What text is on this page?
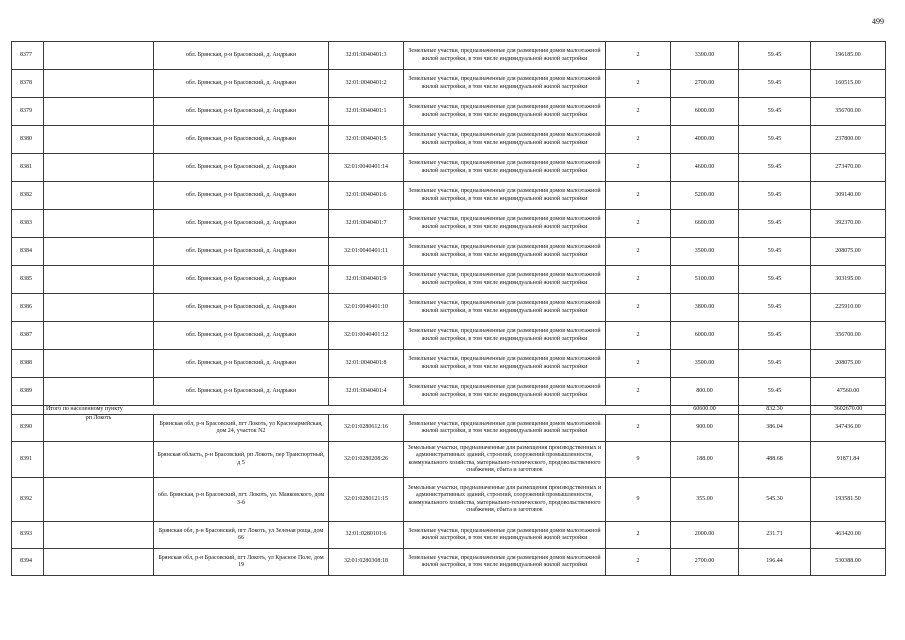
499
8377		обл. Брянская, р-н Брасовский, д. Андрыкн	32:01:0040401:3	Земельные участки, предназначенные для размещения домов малоэтажной жилой застройки, в том числе индивидуальной жилой застройки	2	3300.00	59.45	196185.00
8378		обл. Брянская, р-н Брасовский, д. Андрыкн	32:01:0040401:2	Земельные участки, предназначенные для размещения домов малоэтажной жилой застройки, в том числе индивидуальной жилой застройки	2	2700.00	59.45	160515.00
8379		обл. Брянская, р-н Брасовский, д. Андрыкн	32:01:0040401:1	Земельные участки, предназначенные для размещения домов малоэтажной жилой застройки, в том числе индивидуальной жилой застройки	2	6000.00	59.45	356700.00
8380		обл. Брянская, р-н Брасовский, д. Андрыкн	32:01:0040401:5	Земельные участки, предназначенные для размещения домов малоэтажной жилой застройки, в том числе индивидуальной жилой застройки	2	4000.00	59.45	237800.00
8381		обл. Брянская, р-н Брасовский, д. Андрыкн	32:01:0040401:14	Земельные участки, предназначенные для размещения домов малоэтажной жилой застройки, в том числе индивидуальной жилой застройки	2	4600.00	59.45	273470.00
8382		обл. Брянская, р-н Брасовский, д. Андрыкн	32:01:0040401:6	Земельные участки, предназначенные для размещения домов малоэтажной жилой застройки, в том числе индивидуальной жилой застройки	2	5200.00	59.45	309140.00
8383		обл. Брянская, р-н Брасовский, д. Андрыкн	32:01:0040401:7	Земельные участки, предназначенные для размещения домов малоэтажной жилой застройки, в том числе индивидуальной жилой застройки	2	6600.00	59.45	392370.00
8384		обл. Брянская, р-н Брасовский, д. Андрыкн	32:01:0040401:11	Земельные участки, предназначенные для размещения домов малоэтажной жилой застройки, в том числе индивидуальной жилой застройки	2	3500.00	59.45	208075.00
8385		обл. Брянская, р-н Брасовский, д. Андрыкн	32:01:0040401:9	Земельные участки, предназначенные для размещения домов малоэтажной жилой застройки, в том числе индивидуальной жилой застройки	2	5100.00	59.45	303195.00
8386		обл. Брянская, р-н Брасовский, д. Андрыкн	32:01:0040401:10	Земельные участки, предназначенные для размещения домов малоэтажной жилой застройки, в том числе индивидуальной жилой застройки	2	3800.00	59.45	225910.00
8387		обл. Брянская, р-н Брасовский, д. Андрыкн	32:01:0040401:12	Земельные участки, предназначенные для размещения домов малоэтажной жилой застройки, в том числе индивидуальной жилой застройки	2	6000.00	59.45	356700.00
8388		обл. Брянская, р-н Брасовский, д. Андрыкн	32:01:0040401:8	Земельные участки, предназначенные для размещения домов малоэтажной жилой застройки, в том числе индивидуальной жилой застройки	2	3500.00	59.45	208075.00
8389		обл. Брянская, р-н Брасовский, д. Андрыкн	32:01:0040401:4	Земельные участки, предназначенные для размещения домов малоэтажной жилой застройки, в том числе индивидуальной жилой застройки	2	800.00	59.45	47560.00
	Итого по населенному пункту					60600.00	832.30	3602670.00
8390	рп Локоть	Брянская обл, р-н Брасовский, пгт Локоть, ул Красноармейская, дом 24, участок N2	32:01:0280612:16	Земельные участки, предназначенные для размещения домов малоэтажной жилой застройки, в том числе индивидуальной жилой застройки	2	900.00	386.04	347436.00
8391		Брянская область, р-н Брасовский, рп Локоть, пер Транспортный, д 5	32:01:0280208:26	Земельные участки, предназначенные для размещения производственных и административных зданий, строений, сооружений промышленности, коммунального хозяйства, материально-технического, продовольственного снабжения, сбыта и заготовок	9	188.00	488.68	91871.84
8392		обл. Брянская, р-н Брасовский, пгт. Локоть, ул. Маяковского, дом 3-б	32:01:0280121:15	Земельные участки, предназначенные для размещения производственных и административных зданий, строений, сооружений промышленности, коммунального хозяйства, материально-технического, продовольственного снабжения, сбыта и заготовок	9	355.00	545.30	193581.50
8393		Брянская обл, р-н Брасовский, пгт Локоть, ул Зеленая роща, дом 66	32:01:0280101:6	Земельные участки, предназначенные для размещения домов малоэтажной жилой застройки, в том числе индивидуальной жилой застройки	2	2000.00	231.71	463420.00
8394		Брянская обл, р-н Брасовский, пгт Локоть, ул Красное Поле, дом 19	32:01:0280308:18	Земельные участки, предназначенные для размещения домов малоэтажной жилой застройки, в том числе индивидуальной жилой застройки	2	2700.00	196.44	530388.00
